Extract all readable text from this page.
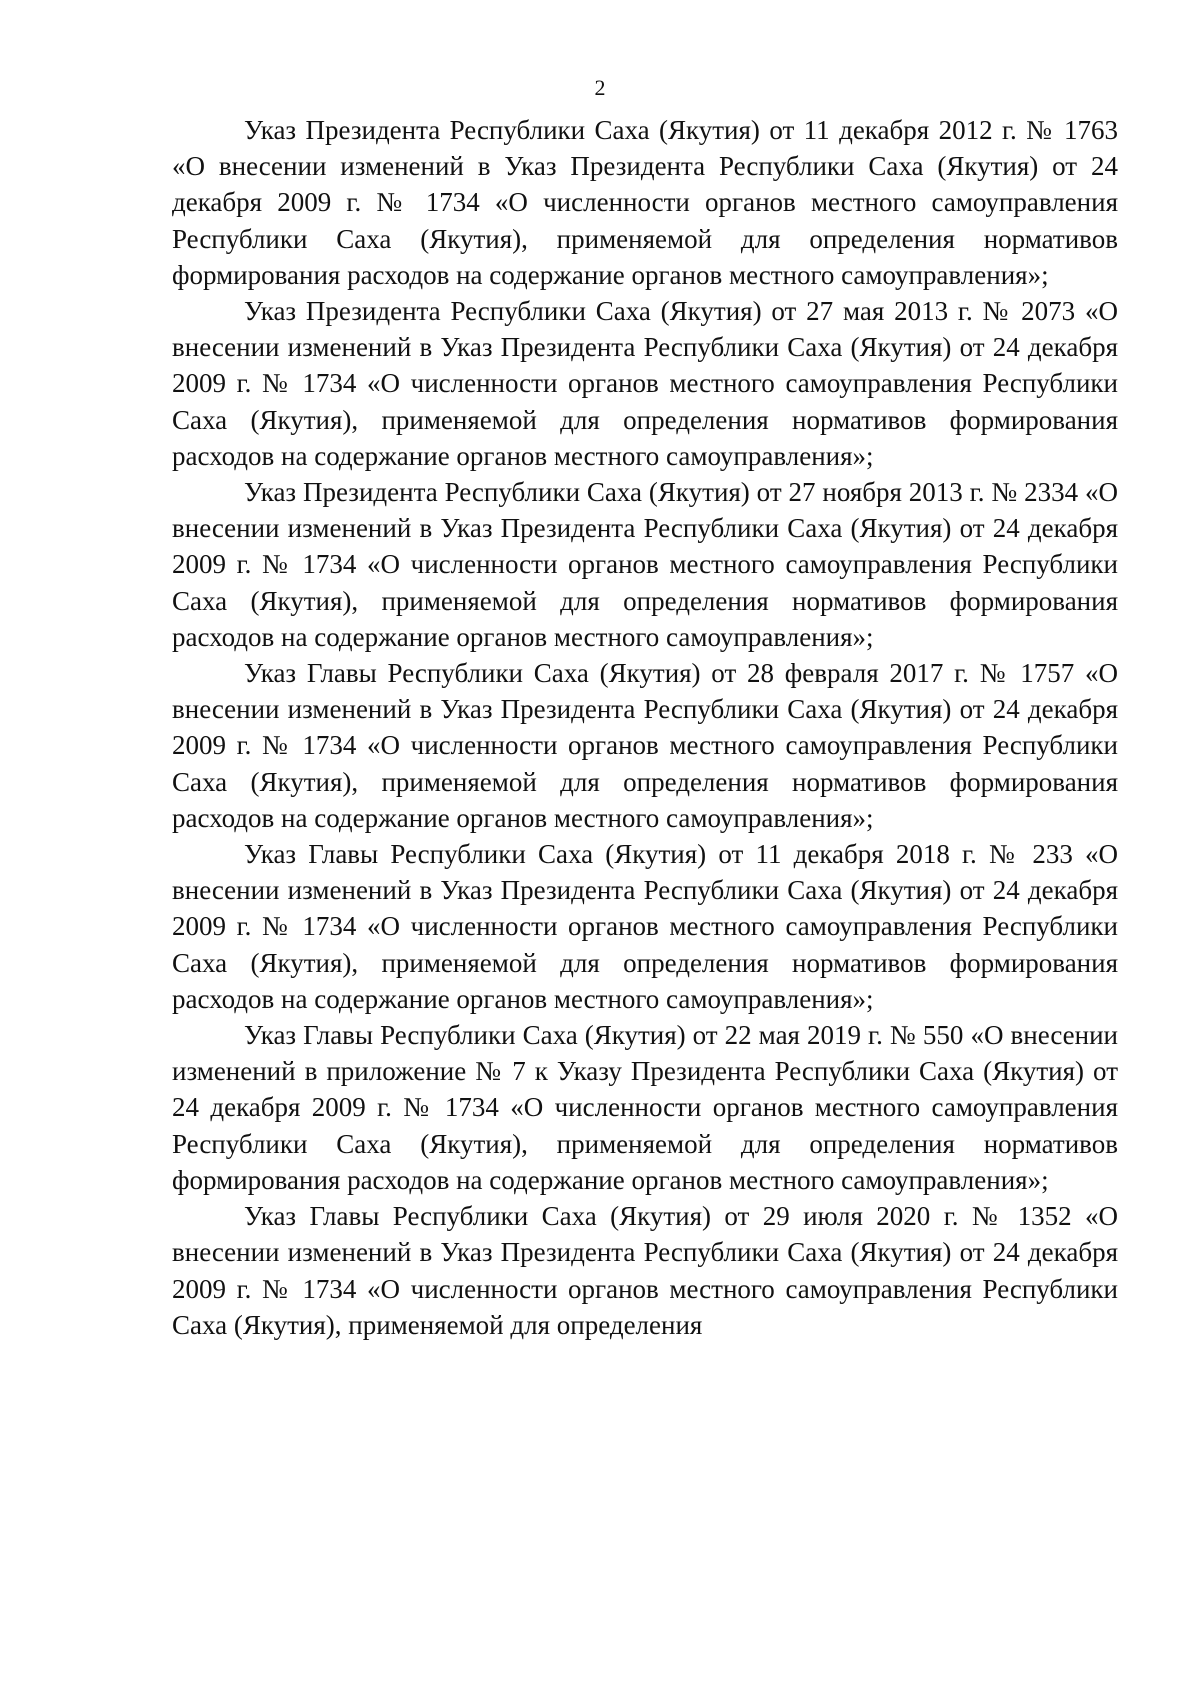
2

Указ Президента Республики Саха (Якутия) от 11 декабря 2012 г. № 1763 «О внесении изменений в Указ Президента Республики Саха (Якутия) от 24 декабря 2009 г. № 1734 «О численности органов местного самоуправления Республики Саха (Якутия), применяемой для определения нормативов формирования расходов на содержание органов местного самоуправления»;

Указ Президента Республики Саха (Якутия) от 27 мая 2013 г. № 2073 «О внесении изменений в Указ Президента Республики Саха (Якутия) от 24 декабря 2009 г. № 1734 «О численности органов местного самоуправления Республики Саха (Якутия), применяемой для определения нормативов формирования расходов на содержание органов местного самоуправления»;

Указ Президента Республики Саха (Якутия) от 27 ноября 2013 г. № 2334 «О внесении изменений в Указ Президента Республики Саха (Якутия) от 24 декабря 2009 г. № 1734 «О численности органов местного самоуправления Республики Саха (Якутия), применяемой для определения нормативов формирования расходов на содержание органов местного самоуправления»;

Указ Главы Республики Саха (Якутия) от 28 февраля 2017 г. № 1757 «О внесении изменений в Указ Президента Республики Саха (Якутия) от 24 декабря 2009 г. № 1734 «О численности органов местного самоуправления Республики Саха (Якутия), применяемой для определения нормативов формирования расходов на содержание органов местного самоуправления»;

Указ Главы Республики Саха (Якутия) от 11 декабря 2018 г. № 233 «О внесении изменений в Указ Президента Республики Саха (Якутия) от 24 декабря 2009 г. № 1734 «О численности органов местного самоуправления Республики Саха (Якутия), применяемой для определения нормативов формирования расходов на содержание органов местного самоуправления»;

Указ Главы Республики Саха (Якутия) от 22 мая 2019 г. № 550 «О внесении изменений в приложение № 7 к Указу Президента Республики Саха (Якутия) от 24 декабря 2009 г. № 1734 «О численности органов местного самоуправления Республики Саха (Якутия), применяемой для определения нормативов формирования расходов на содержание органов местного самоуправления»;

Указ Главы Республики Саха (Якутия) от 29 июля 2020 г. № 1352 «О внесении изменений в Указ Президента Республики Саха (Якутия) от 24 декабря 2009 г. № 1734 «О численности органов местного самоуправления Республики Саха (Якутия), применяемой для определения
